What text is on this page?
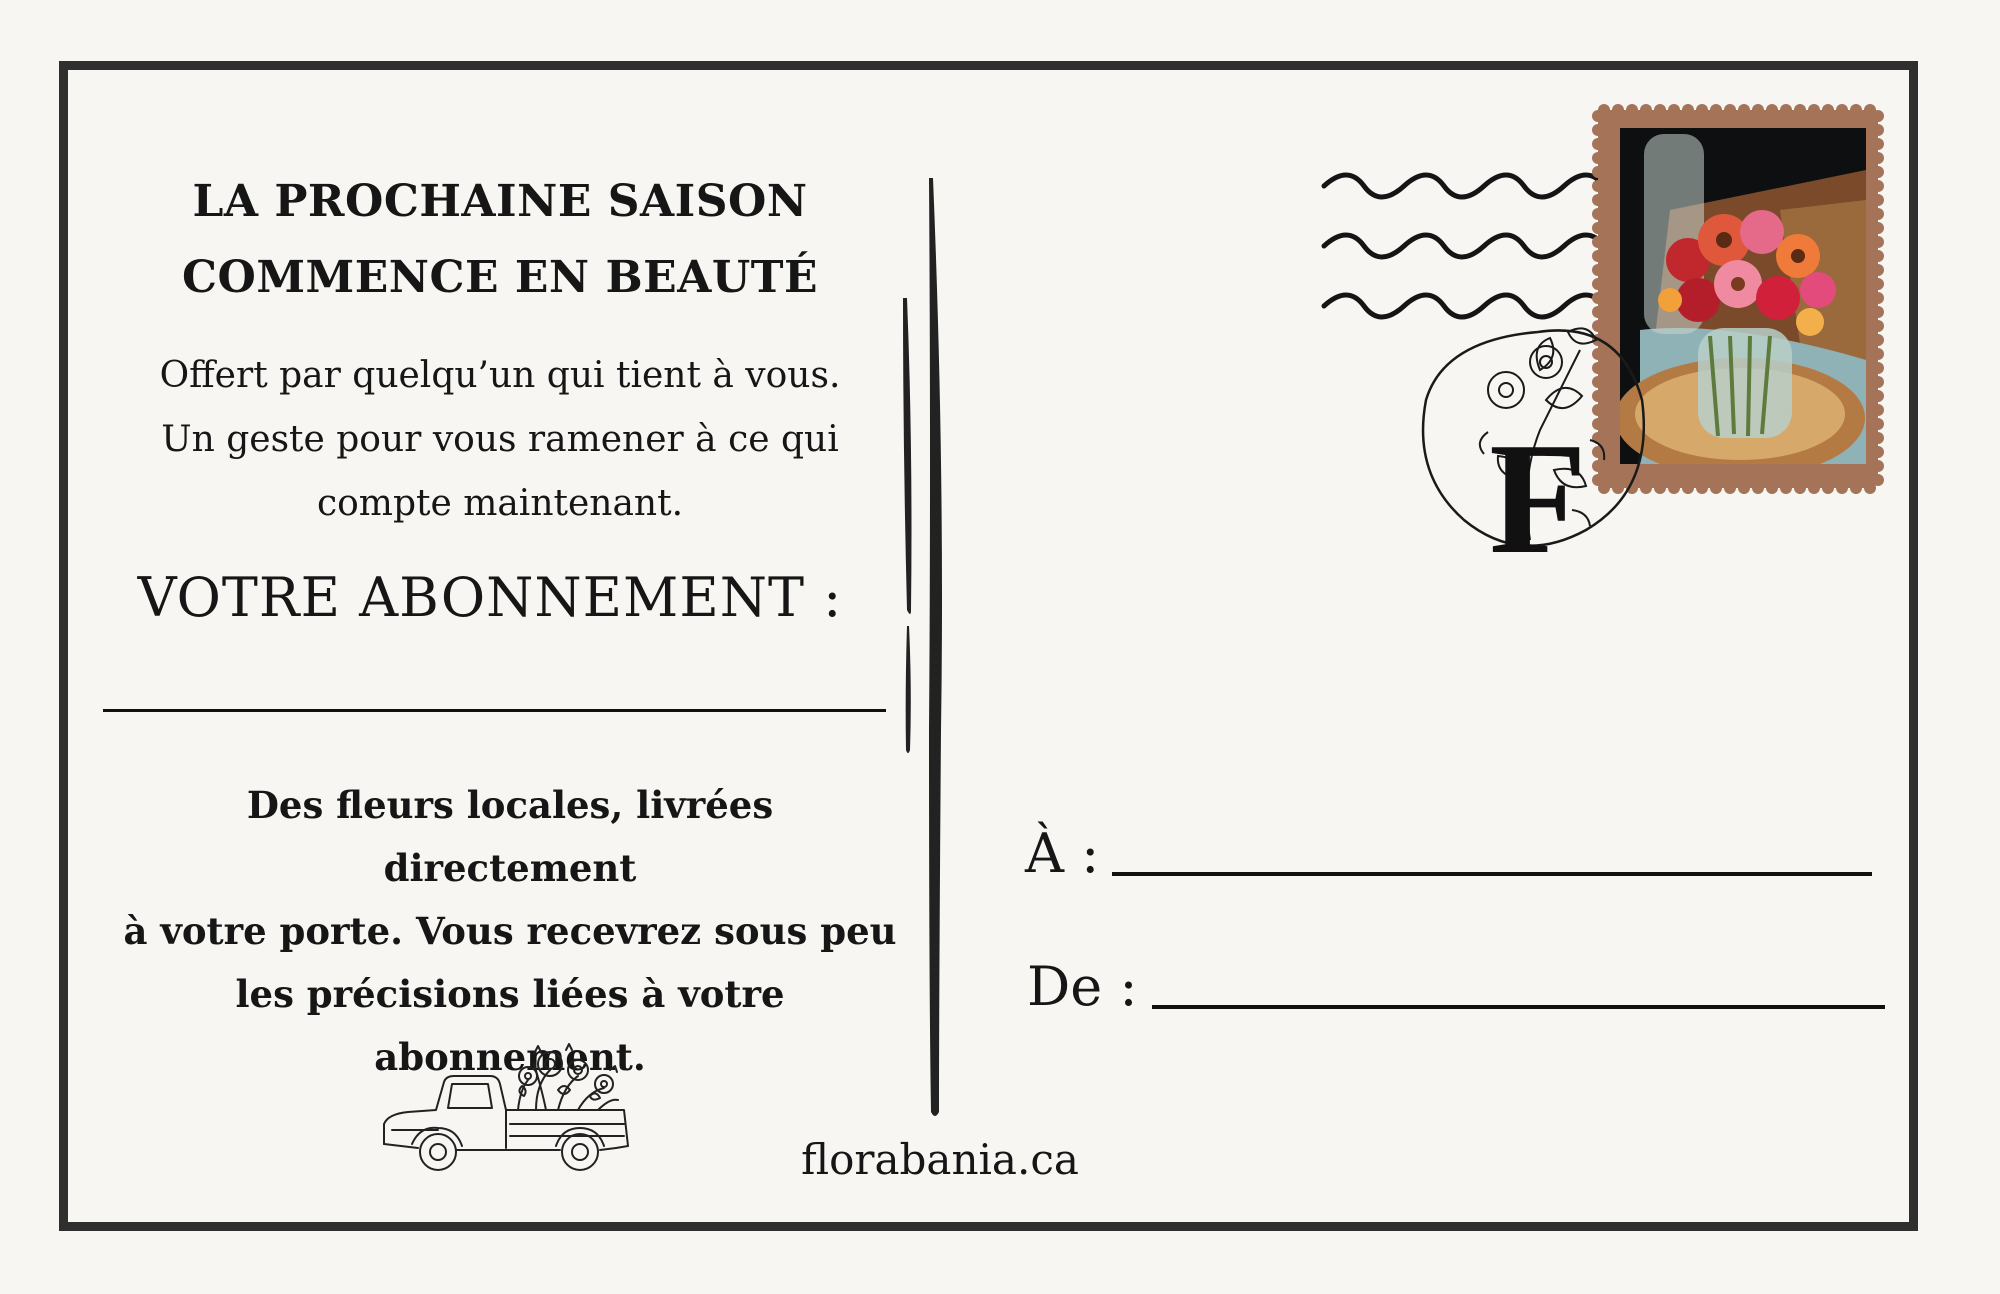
LA PROCHAINE SAISON
COMMENCE EN BEAUTÉ
Offert par quelqu’un qui tient à vous.
Un geste pour vous ramener à ce qui
compte maintenant.
VOTRE ABONNEMENT :
Des fleurs locales, livrées directement
à votre porte. Vous recevrez sous peu
les précisions liées à votre
abonnement.
florabania.ca
À :
De :
F
